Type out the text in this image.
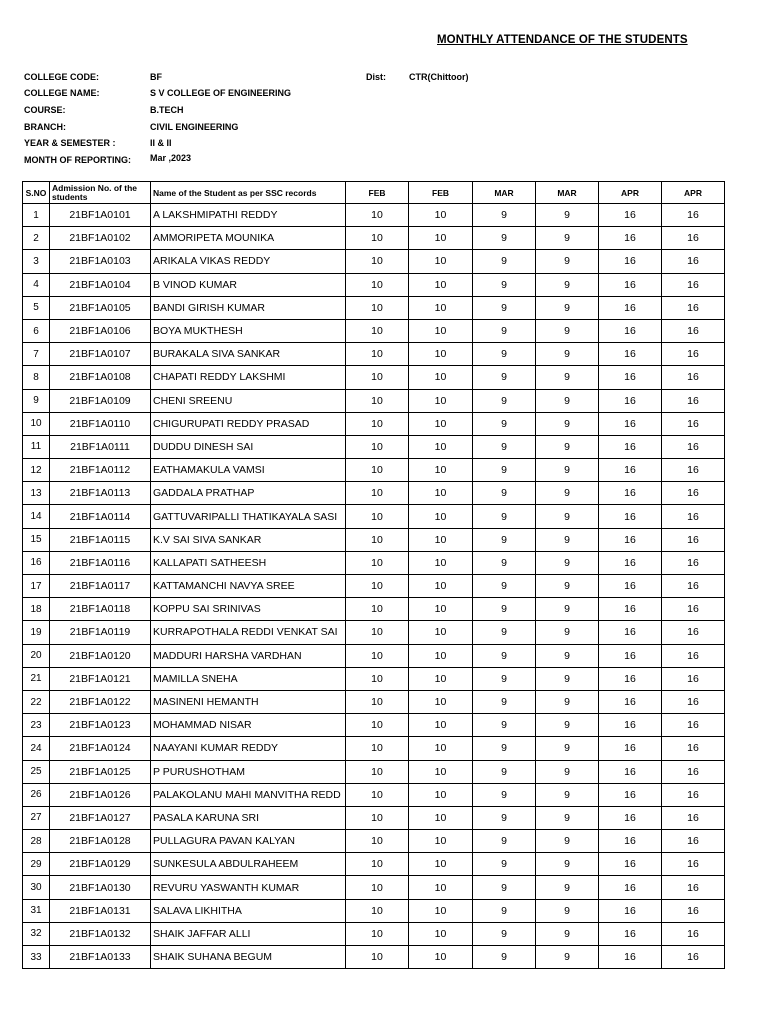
MONTHLY ATTENDANCE OF THE STUDENTS
COLLEGE CODE:	BF	Dist:	CTR(Chittoor)
COLLEGE NAME:	S V COLLEGE OF ENGINEERING
COURSE:	B.TECH
BRANCH:	CIVIL ENGINEERING
YEAR & SEMESTER :	II & II
MONTH OF REPORTING: Mar ,2023
S.NO	Admission No. of the students	Name of the Student as per SSC records	FEB	FEB	MAR	MAR	APR	APR
1	21BF1A0101	A LAKSHMIPATHI REDDY	10	10	9	9	16	16
2	21BF1A0102	AMMORIPETA MOUNIKA	10	10	9	9	16	16
3	21BF1A0103	ARIKALA VIKAS REDDY	10	10	9	9	16	16
4	21BF1A0104	B VINOD KUMAR	10	10	9	9	16	16
5	21BF1A0105	BANDI GIRISH KUMAR	10	10	9	9	16	16
6	21BF1A0106	BOYA MUKTHESH	10	10	9	9	16	16
7	21BF1A0107	BURAKALA SIVA SANKAR	10	10	9	9	16	16
8	21BF1A0108	CHAPATI REDDY LAKSHMI	10	10	9	9	16	16
9	21BF1A0109	CHENI SREENU	10	10	9	9	16	16
10	21BF1A0110	CHIGURUPATI REDDY PRASAD	10	10	9	9	16	16
11	21BF1A0111	DUDDU DINESH SAI	10	10	9	9	16	16
12	21BF1A0112	EATHAMAKULA VAMSI	10	10	9	9	16	16
13	21BF1A0113	GADDALA PRATHAP	10	10	9	9	16	16
14	21BF1A0114	GATTUVARIPALLI THATIKAYALA SASI	10	10	9	9	16	16
15	21BF1A0115	K.V SAI SIVA SANKAR	10	10	9	9	16	16
16	21BF1A0116	KALLAPATI SATHEESH	10	10	9	9	16	16
17	21BF1A0117	KATTAMANCHI NAVYA SREE	10	10	9	9	16	16
18	21BF1A0118	KOPPU SAI SRINIVAS	10	10	9	9	16	16
19	21BF1A0119	KURRAPOTHALA REDDI VENKAT SAI	10	10	9	9	16	16
20	21BF1A0120	MADDURI HARSHA VARDHAN	10	10	9	9	16	16
21	21BF1A0121	MAMILLA SNEHA	10	10	9	9	16	16
22	21BF1A0122	MASINENI HEMANTH	10	10	9	9	16	16
23	21BF1A0123	MOHAMMAD NISAR	10	10	9	9	16	16
24	21BF1A0124	NAAYANI KUMAR REDDY	10	10	9	9	16	16
25	21BF1A0125	P PURUSHOTHAM	10	10	9	9	16	16
26	21BF1A0126	PALAKOLANU MAHI MANVITHA REDD	10	10	9	9	16	16
27	21BF1A0127	PASALA KARUNA SRI	10	10	9	9	16	16
28	21BF1A0128	PULLAGURA PAVAN KALYAN	10	10	9	9	16	16
29	21BF1A0129	SUNKESULA ABDULRAHEEM	10	10	9	9	16	16
30	21BF1A0130	REVURU YASWANTH KUMAR	10	10	9	9	16	16
31	21BF1A0131	SALAVA LIKHITHA	10	10	9	9	16	16
32	21BF1A0132	SHAIK JAFFAR ALLI	10	10	9	9	16	16
33	21BF1A0133	SHAIK SUHANA BEGUM	10	10	9	9	16	16
